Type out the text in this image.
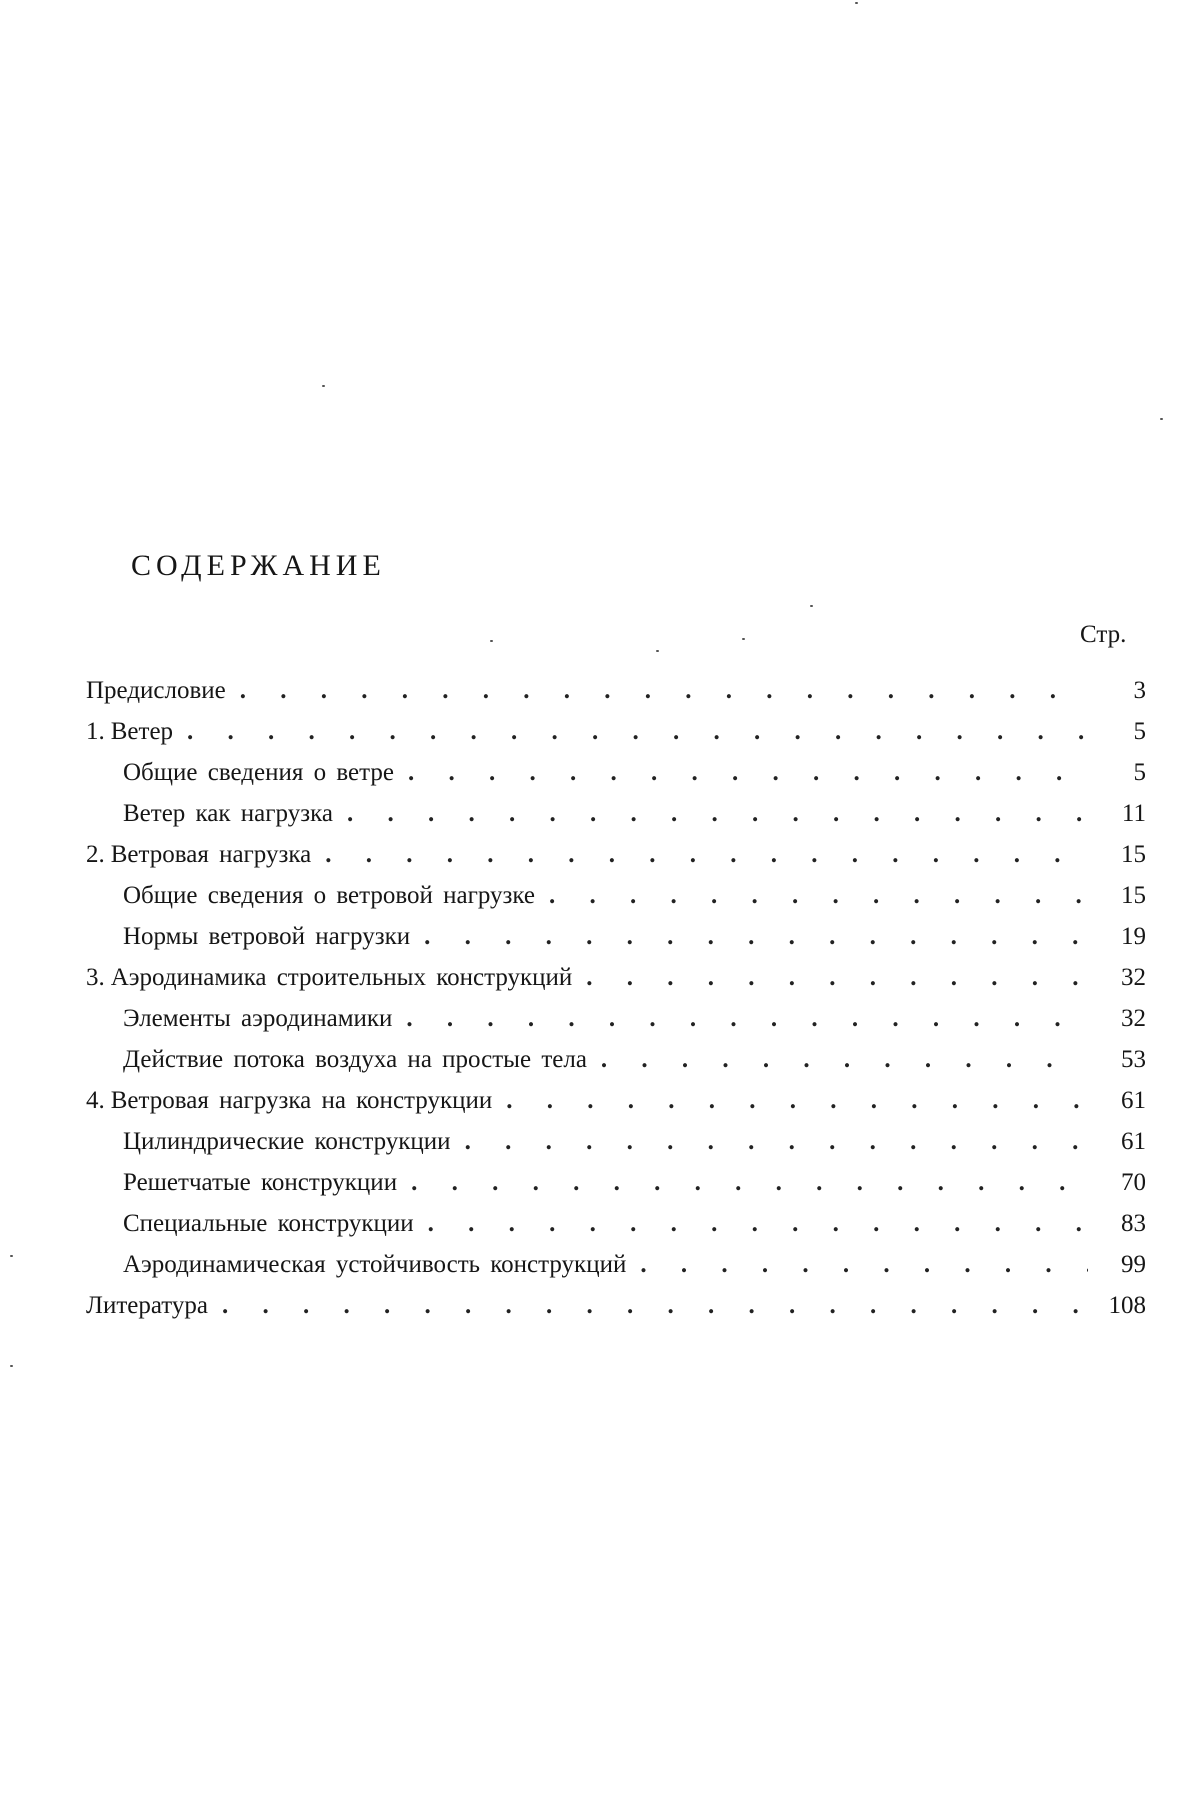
СОДЕРЖАНИЕ
Стр.
Предисловие . . .	3
1. Ветер . . .	5
Общие сведения о ветре . . .	5
Ветер как нагрузка . . .	11
2. Ветровая нагрузка . . .	15
Общие сведения о ветровой нагрузке . . .	15
Нормы ветровой нагрузки . . .	19
3. Аэродинамика строительных конструкций . . .	32
Элементы аэродинамики . . .	32
Действие потока воздуха на простые тела . . .	53
4. Ветровая нагрузка на конструкции . . .	61
Цилиндрические конструкции . . .	61
Решетчатые конструкции . . .	70
Специальные конструкции . . .	83
Аэродинамическая устойчивость конструкций . . .	99
Литература . . .	108
